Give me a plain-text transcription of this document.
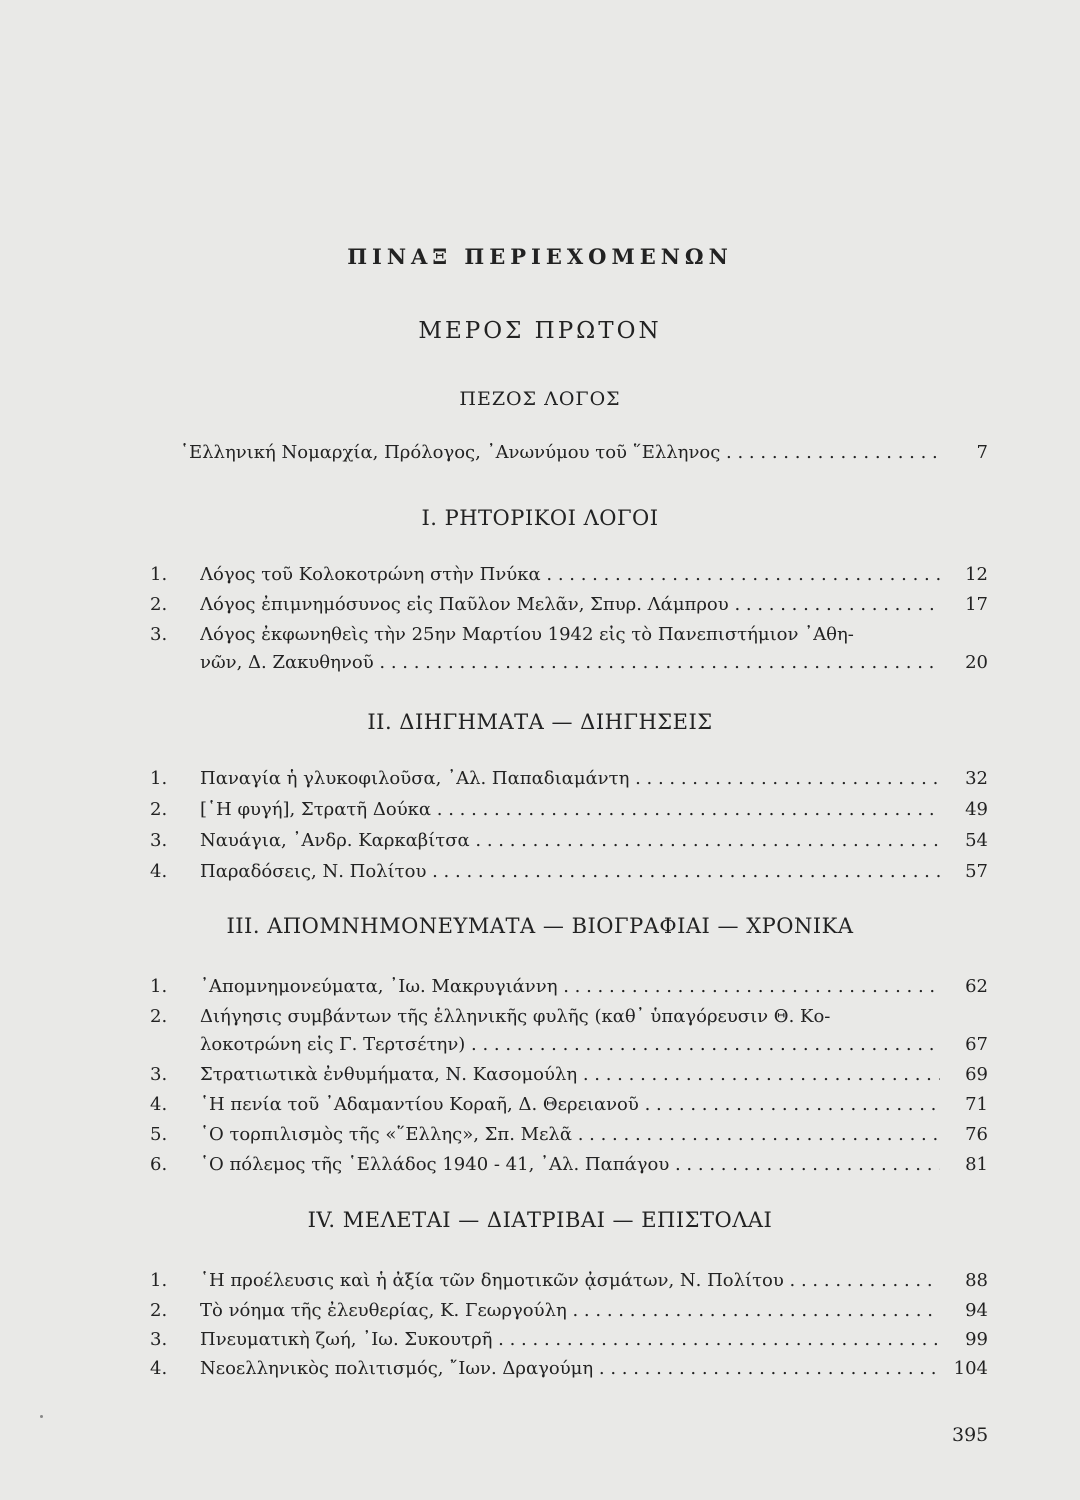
ΠΙΝΑΞ ΠΕΡΙΕΧΟΜΕΝΩΝ
ΜΕΡΟΣ ΠΡΩΤΟΝ
ΠΕΖΟΣ ΛΟΓΟΣ
῾Ελληνική Νομαρχία, Πρόλογος, ᾿Ανωνύμου τοῦ ῞Ελληνος . . .	7
I. ΡΗΤΟΡΙΚΟΙ ΛΟΓΟΙ
1.	Λόγος τοῦ Κολοκοτρώνη στὴν Πνύκα . . .	12
2.	Λόγος ἐπιμνημόσυνος εἰς Παῦλον Μελᾶν, Σπυρ. Λάμπρου . . .	17
3.	Λόγος ἐκφωνηθεὶς τὴν 25ην Μαρτίου 1942 εἰς τὸ Πανεπιστήμιον ᾿Αθη-
νῶν, Δ. Ζακυθηνοῦ . . .	20
II. ΔΙΗΓΗΜΑΤΑ — ΔΙΗΓΗΣΕΙΣ
1.	Παναγία ἡ γλυκοφιλοῦσα, ᾿Αλ. Παπαδιαμάντη . . .	32
2.	[῾Η φυγή], Στρατῆ Δούκα . . .	49
3.	Ναυάγια, ᾿Ανδρ. Καρκαβίτσα . . .	54
4.	Παραδόσεις, Ν. Πολίτου . . .	57
III. ΑΠΟΜΝΗΜΟΝΕΥΜΑΤΑ — ΒΙΟΓΡΑΦΙΑΙ — ΧΡΟΝΙΚΑ
1.	᾿Απομνημονεύματα, ᾿Ιω. Μακρυγιάννη . . .	62
2.	Διήγησις συμβάντων τῆς ἑλληνικῆς φυλῆς (καθ᾿ ὑπαγόρευσιν Θ. Κο-
λοκοτρώνη εἰς Γ. Τερτσέτην) . . .	67
3.	Στρατιωτικὰ ἐνθυμήματα, Ν. Κασομούλη . . .	69
4.	῾Η πενία τοῦ ᾿Αδαμαντίου Κοραῆ, Δ. Θερειανοῦ . . .	71
5.	῾Ο τορπιλισμὸς τῆς «῞Ελλης», Σπ. Μελᾶ . . .	76
6.	῾Ο πόλεμος τῆς ῾Ελλάδος 1940 - 41, ᾿Αλ. Παπάγου . . .	81
IV. ΜΕΛΕΤΑΙ — ΔΙΑΤΡΙΒΑΙ — ΕΠΙΣΤΟΛΑΙ
1.	῾Η προέλευσις καὶ ἡ ἀξία τῶν δημοτικῶν ᾀσμάτων, Ν. Πολίτου . . .	88
2.	Τὸ νόημα τῆς ἐλευθερίας, Κ. Γεωργούλη . . .	94
3.	Πνευματικὴ ζωή, ᾿Ιω. Συκουτρῆ . . .	99
4.	Νεοελληνικὸς πολιτισμός, ῎Ιων. Δραγούμη . . .	104
395
